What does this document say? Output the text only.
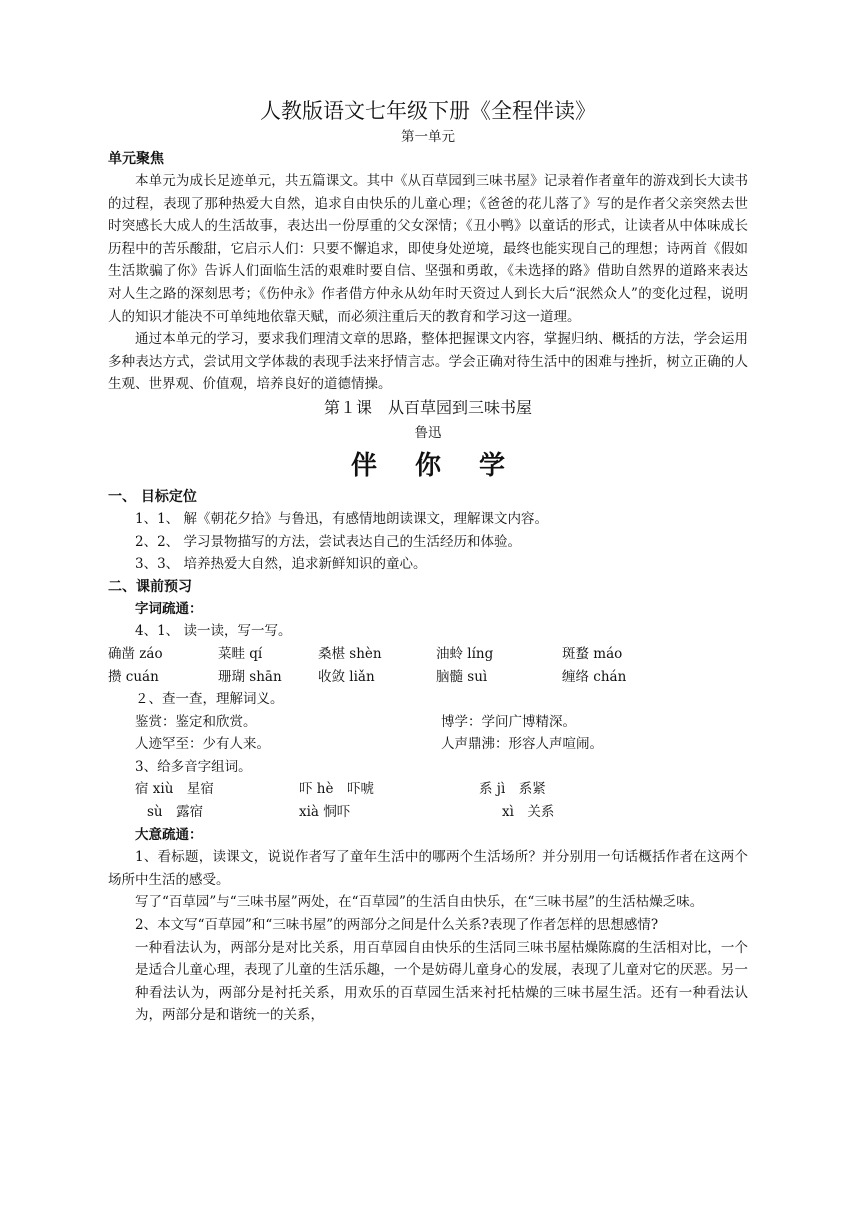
人教版语文七年级下册《全程伴读》

第一单元

单元聚焦

本单元为成长足迹单元，共五篇课文。其中《从百草园到三味书屋》记录着作者童年的游戏到长大读书的过程，表现了那种热爱大自然，追求自由快乐的儿童心理；《爸爸的花儿落了》写的是作者父亲突然去世时突感长大成人的生活故事，表达出一份厚重的父女深情；《丑小鸭》以童话的形式，让读者从中体味成长历程中的苦乐酸甜，它启示人们：只要不懈追求，即使身处逆境，最终也能实现自己的理想；诗两首《假如生活欺骗了你》告诉人们面临生活的艰难时要自信、坚强和勇敢，《未选择的路》借助自然界的道路来表达对人生之路的深刻思考；《伤仲永》作者借方仲永从幼年时天资过人到长大后“泯然众人”的变化过程，说明人的知识才能决不可单纯地依靠天赋，而必须注重后天的教育和学习这一道理。

通过本单元的学习，要求我们理清文章的思路，整体把握课文内容，掌握归纳、概括的方法，学会运用多种表达方式，尝试用文学体裁的表现手法来抒情言志。学会正确对待生活中的困难与挫折，树立正确的人生观、世界观、价值观，培养良好的道德情操。

第１课　从百草园到三味书屋

鲁迅

伴你学

一、 目标定位

1、1、 解《朝花夕拾》与鲁迅，有感情地朗读课文，理解课文内容。

2、2、 学习景物描写的方法，尝试表达自己的生活经历和体验。

3、3、 培养热爱大自然，追求新鲜知识的童心。

二、课前预习

字词疏通：

4、1、 读一读，写一写。

确凿 záo	菜畦 qí	桑椹 shèn	油蛉 líng	斑蝥 máo
攒 cuán	珊瑚 shān	收敛 liǎn	脑髓 suì	缠络 chán

２、查一查，理解词义。

鉴赏：鉴定和欣赏。	博学：学问广博精深。
人迹罕至：少有人来。	人声鼎沸：形容人声喧闹。

3、给多音字组词。

宿 xiù　星宿	吓 hè　吓唬	系 jì　系紧
sù　露宿	xià 恫吓	xì　关系

大意疏通：

1、看标题，读课文，说说作者写了童年生活中的哪两个生活场所？并分别用一句话概括作者在这两个场所中生活的感受。

写了“百草园”与“三味书屋”两处，在“百草园”的生活自由快乐，在“三味书屋”的生活枯燥乏味。

2、本文写“百草园”和“三味书屋”的两部分之间是什么关系?表现了作者怎样的思想感情?

一种看法认为，两部分是对比关系，用百草园自由快乐的生活同三味书屋枯燥陈腐的生活相对比，一个是适合儿童心理，表现了儿童的生活乐趣，一个是妨碍儿童身心的发展，表现了儿童对它的厌恶。另一种看法认为，两部分是衬托关系，用欢乐的百草园生活来衬托枯燥的三味书屋生活。还有一种看法认为，两部分是和谐统一的关系，
